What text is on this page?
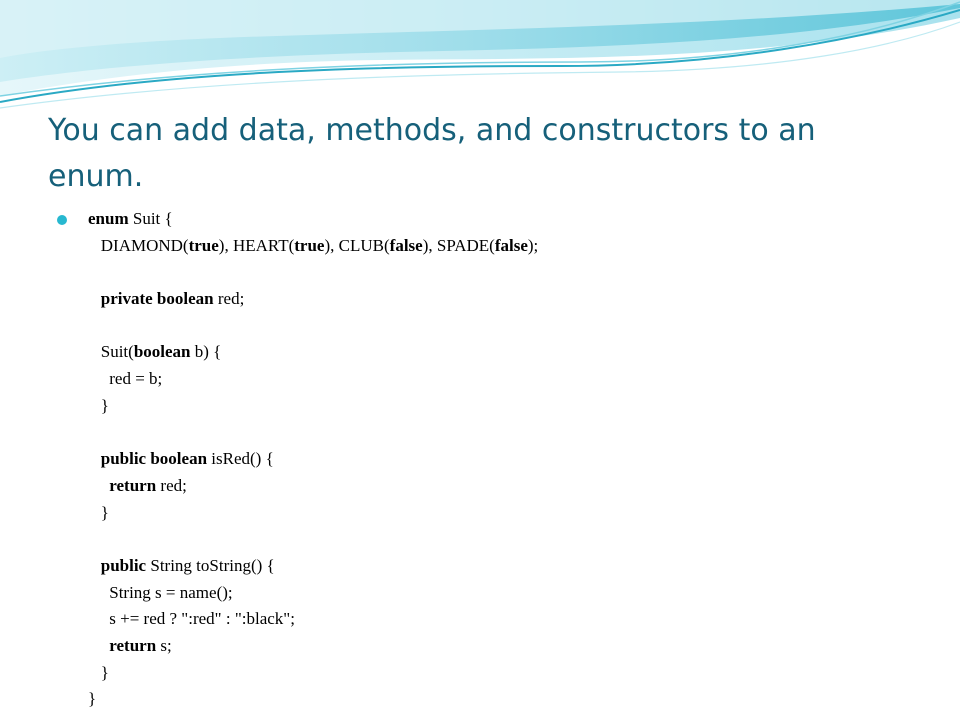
You can add data, methods, and constructors to an enum.
enum Suit {
DIAMOND(true), HEART(true), CLUB(false), SPADE(false);
private boolean red;
Suit(boolean b) {
red = b;
}
public boolean isRed() {
return red;
}
public String toString() {
String s = name();
s += red ? ":red" : ":black";
return s;
}
}
